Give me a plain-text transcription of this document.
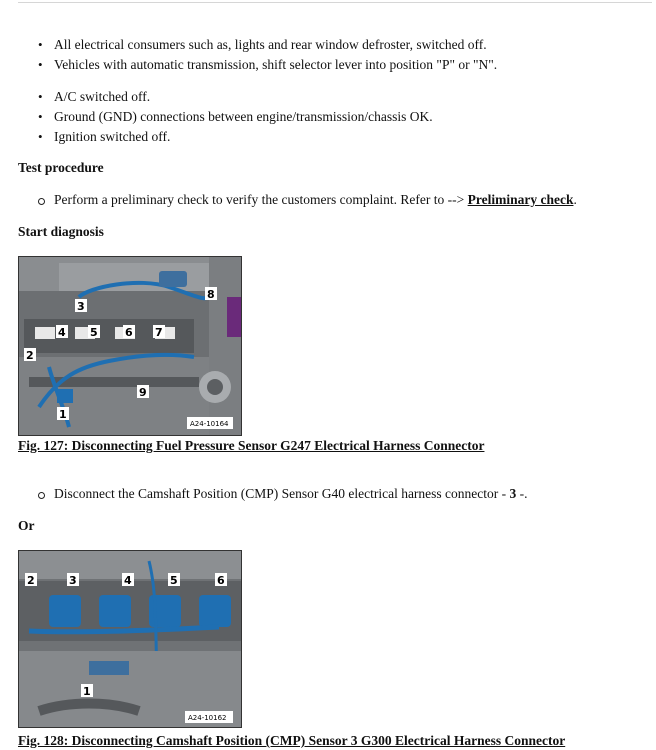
• All electrical consumers such as, lights and rear window defroster, switched off.
• Vehicles with automatic transmission, shift selector lever into position "P" or "N".
• A/C switched off.
• Ground (GND) connections between engine/transmission/chassis OK.
• Ignition switched off.
Test procedure
Perform a preliminary check to verify the customers complaint. Refer to --> Preliminary check.
Start diagnosis
3
8
4 5 6 7
2
9
1
A24-10164
Fig. 127: Disconnecting Fuel Pressure Sensor G247 Electrical Harness Connector
Disconnect the Camshaft Position (CMP) Sensor G40 electrical harness connector - 3 -.
Or
2	3	4	5	6
1
A24-10162
Fig. 128: Disconnecting Camshaft Position (CMP) Sensor 3 G300 Electrical Harness Connector
